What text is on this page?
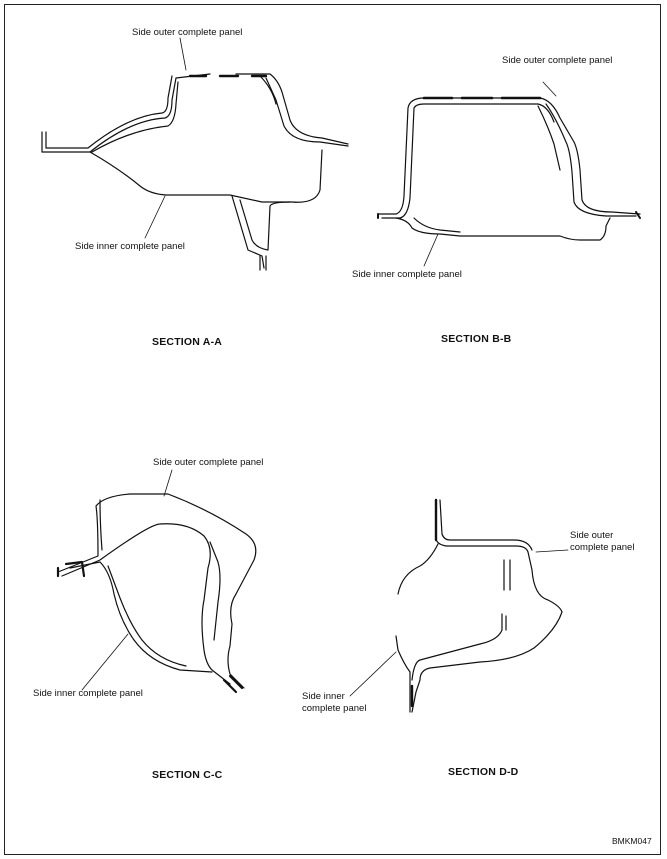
Side outer complete panel
Side inner complete panel
SECTION A-A
Side outer complete panel
Side inner complete panel
SECTION B-B
Side outer complete panel
Side inner complete panel
SECTION C-C
Side outer
complete panel
Side inner
complete panel
SECTION D-D
BMKM047
